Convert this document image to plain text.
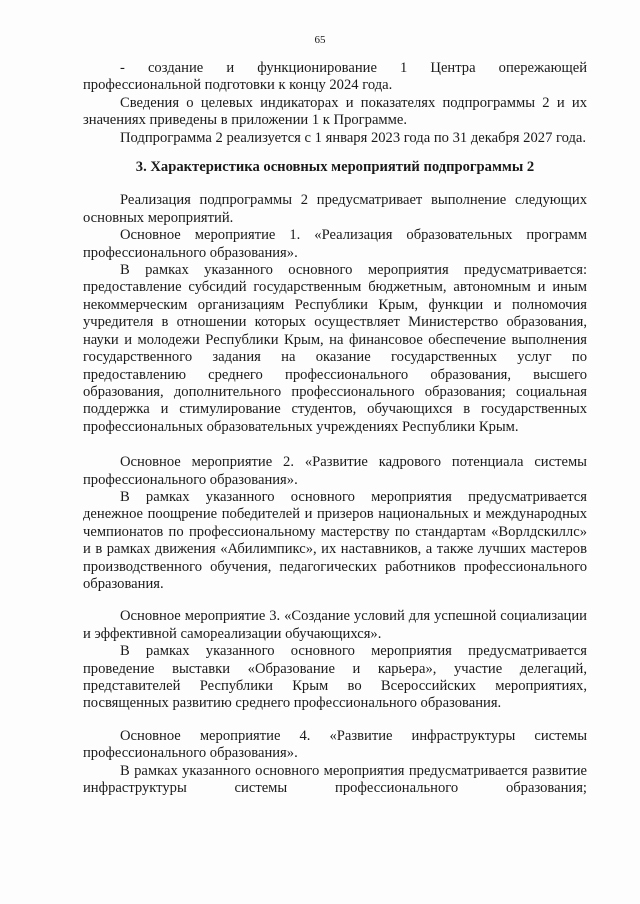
65

- создание и функционирование 1 Центра опережающей профессиональной подготовки к концу 2024 года.

Сведения о целевых индикаторах и показателях подпрограммы 2 и их значениях приведены в приложении 1 к Программе.

Подпрограмма 2 реализуется с 1 января 2023 года по 31 декабря 2027 года.

3. Характеристика основных мероприятий подпрограммы 2

Реализация подпрограммы 2 предусматривает выполнение следующих основных мероприятий.

Основное мероприятие 1. «Реализация образовательных программ профессионального образования».

В рамках указанного основного мероприятия предусматривается: предоставление субсидий государственным бюджетным, автономным и иным некоммерческим организациям Республики Крым, функции и полномочия учредителя в отношении которых осуществляет Министерство образования, науки и молодежи Республики Крым, на финансовое обеспечение выполнения государственного задания на оказание государственных услуг по предоставлению среднего профессионального образования, высшего образования, дополнительного профессионального образования; социальная поддержка и стимулирование студентов, обучающихся в государственных профессиональных образовательных учреждениях Республики Крым.

Основное мероприятие 2. «Развитие кадрового потенциала системы профессионального образования».

В рамках указанного основного мероприятия предусматривается денежное поощрение победителей и призеров национальных и международных чемпионатов по профессиональному мастерству по стандартам «Ворлдскиллс» и в рамках движения «Абилимпикс», их наставников, а также лучших мастеров производственного обучения, педагогических работников профессионального образования.

Основное мероприятие 3. «Создание условий для успешной социализации и эффективной самореализации обучающихся».

В рамках указанного основного мероприятия предусматривается проведение выставки «Образование и карьера», участие делегаций, представителей Республики Крым во Всероссийских мероприятиях, посвященных развитию среднего профессионального образования.

Основное мероприятие 4. «Развитие инфраструктуры системы профессионального образования».

В рамках указанного основного мероприятия предусматривается развитие инфраструктуры системы профессионального образования;
